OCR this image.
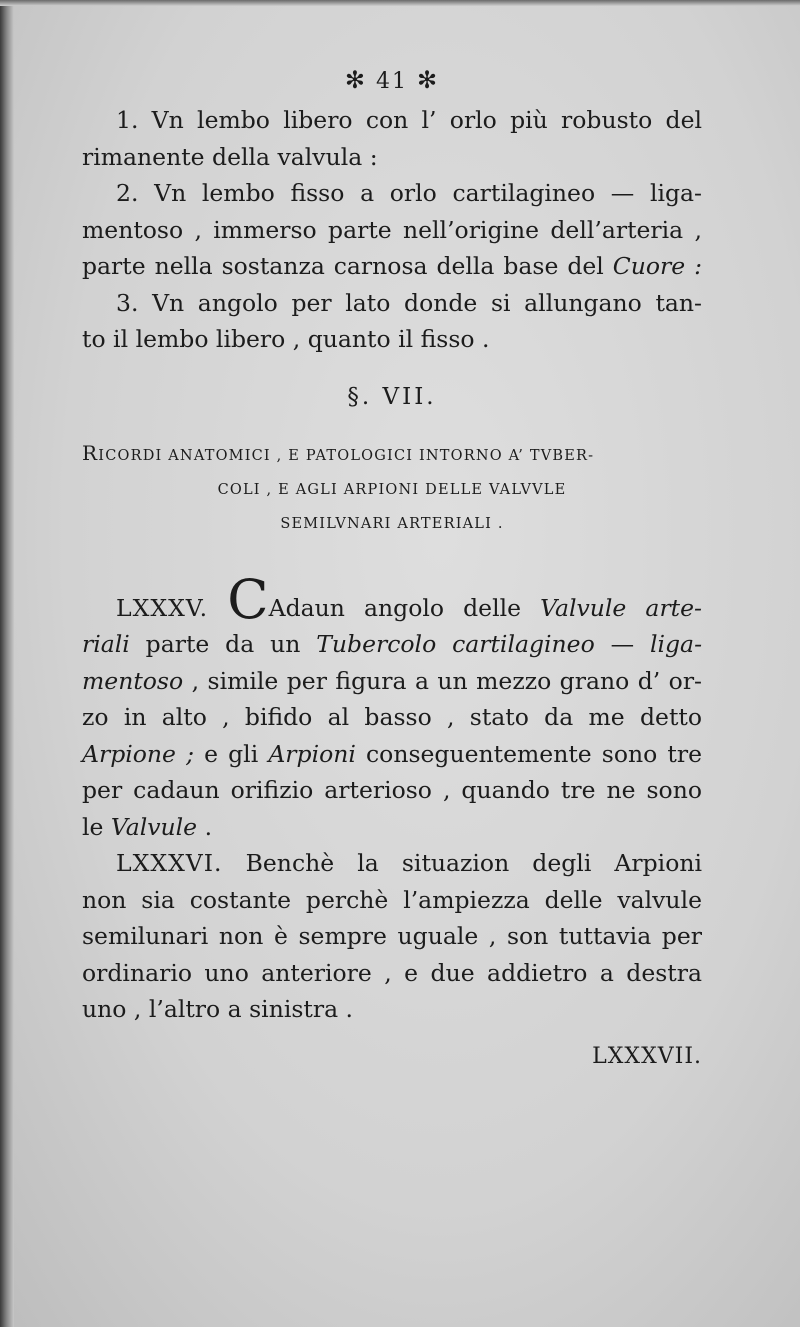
✻ 41 ✻
1. Vn lembo libero con l’ orlo più robusto del
rimanente della valvula :
2. Vn lembo fisso a orlo cartilagineo — liga-
mentoso , immerso parte nell’origine dell’arteria ,
parte nella sostanza carnosa della base del Cuore :
3. Vn angolo per lato donde si allungano tan-
to il lembo libero , quanto il fisso .
§. VII.
RICORDI ANATOMICI , E PATOLOGICI INTORNO A’ TVBER-
COLI , E AGLI ARPIONI DELLE VALVVLE
SEMILVNARI ARTERIALI .
LXXXV. CAdaun angolo delle Valvule arte-
riali parte da un Tubercolo cartilagineo — liga-
mentoso , simile per figura a un mezzo grano d’ or-
zo in alto , bifido al basso , stato da me detto
Arpione ; e gli Arpioni conseguentemente sono tre
per cadaun orifizio arterioso , quando tre ne sono
le Valvule .
LXXXVI. Benchè la situazion degli Arpioni
non sia costante perchè l’ampiezza delle valvule
semilunari non è sempre uguale , son tuttavia per
ordinario uno anteriore , e due addietro a destra
uno , l’altro a sinistra .
LXXXVII.
